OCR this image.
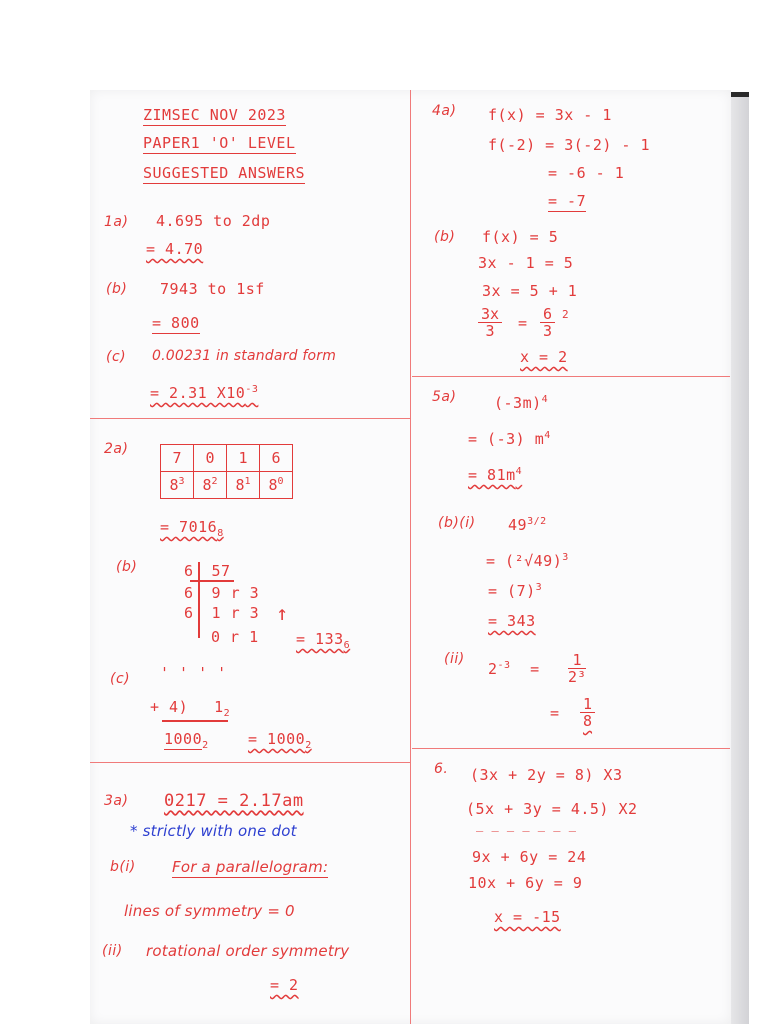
ZIMSEC NOV 2023
PAPER1 'O' LEVEL
SUGGESTED ANSWERS
1a) 4.695 to 2dp
= 4.70
(b) 7943 to 1sf
= 800
(c) 0.00231 in standard form
= 2.31 $X10^{-3}$
2a)	7	0	1	6
$8^3$	$8^2$	$8^1$	$8^0$
= $7016_8$
(b)	6 57
6 9 r 3
6 1 r 3
0 r 1
↑
= $133_6$
(c) ' ' ' '
+ 4) $1_2$
$1000_2$	= $1000_2$
3a) 0217 = 2.17am
* strictly with one dot
b(i) For a parallelogram:
lines of symmetry = 0
(ii) rotational order symmetry
= 2
4a) f(x) = 3x - 1
f(-2) = 3(-2) - 1
= -6 - 1
= -7
(b) f(x) = 5
3x - 1 = 5
3x = 5 + 1
$\frac{3x}{3} = \frac{6}{3} 2$
x = 2
5a)	$(-3m)^4$
= (-3) $m^4$
= $81m^4$
(b)(i) $49^{3/2}$
= $(^2√49)^3$
= $(7)^3$
= 343
(ii)
$2^{-3} = \frac{1}{\text{2³}}$
= $\frac{1}{8}$
6. (3x + 2y = 8) X3
(5x + 3y = 4.5) X2
— — — — — — —
9x + 6y = 24
10x + 6y = 9
x = -15
